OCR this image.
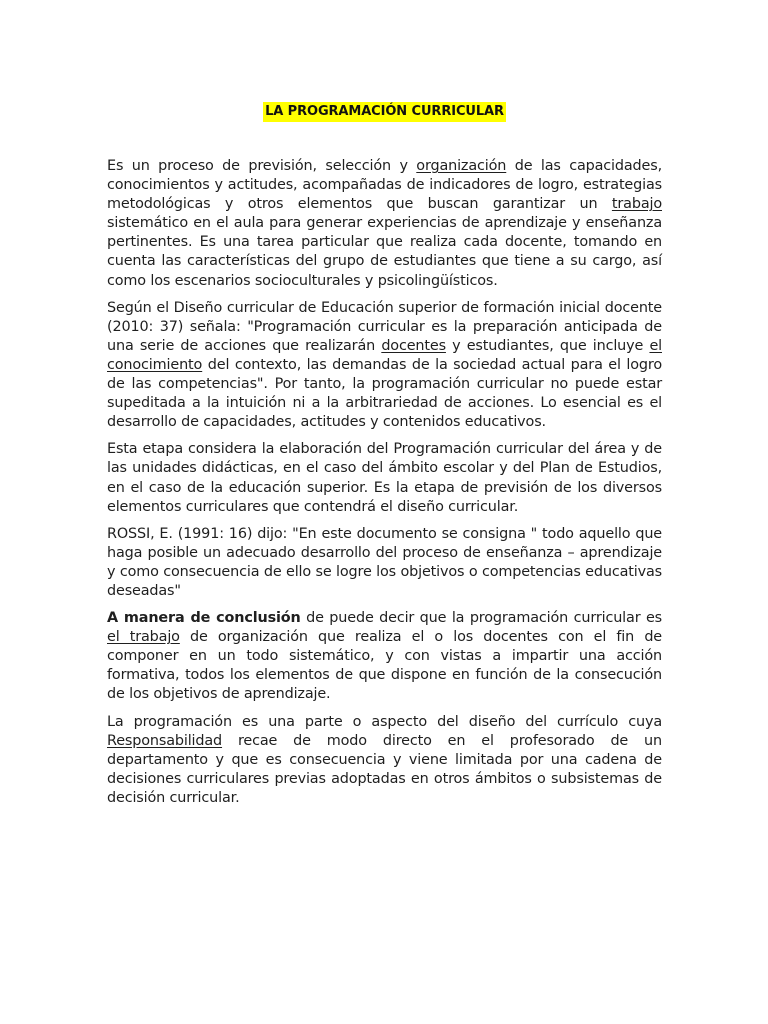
LA PROGRAMACIÓN CURRICULAR

Es un proceso de previsión, selección y organización de las capacidades, conocimientos y actitudes, acompañadas de indicadores de logro, estrategias metodológicas y otros elementos que buscan garantizar un trabajo sistemático en el aula para generar experiencias de aprendizaje y enseñanza pertinentes. Es una tarea particular que realiza cada docente, tomando en cuenta las características del grupo de estudiantes que tiene a su cargo, así como los escenarios socioculturales y psicolingüísticos.

Según el Diseño curricular de Educación superior de formación inicial docente (2010: 37) señala: "Programación curricular es la preparación anticipada de una serie de acciones que realizarán docentes y estudiantes, que incluye el conocimiento del contexto, las demandas de la sociedad actual para el logro de las competencias". Por tanto, la programación curricular no puede estar supeditada a la intuición ni a la arbitrariedad de acciones. Lo esencial es el desarrollo de capacidades, actitudes y contenidos educativos.

Esta etapa considera la elaboración del Programación curricular del área y de las unidades didácticas, en el caso del ámbito escolar y del Plan de Estudios, en el caso de la educación superior. Es la etapa de previsión de los diversos elementos curriculares que contendrá el diseño curricular.

ROSSI, E. (1991: 16) dijo: "En este documento se consigna " todo aquello que haga posible un adecuado desarrollo del proceso de enseñanza – aprendizaje y como consecuencia de ello se logre los objetivos o competencias educativas deseadas"

A manera de conclusión de puede decir que la programación curricular es el trabajo de organización que realiza el o los docentes con el fin de componer en un todo sistemático, y con vistas a impartir una acción formativa, todos los elementos de que dispone en función de la consecución de los objetivos de aprendizaje.

La programación es una parte o aspecto del diseño del currículo cuya Responsabilidad recae de modo directo en el profesorado de un departamento y que es consecuencia y viene limitada por una cadena de decisiones curriculares previas adoptadas en otros ámbitos o subsistemas de decisión curricular.
